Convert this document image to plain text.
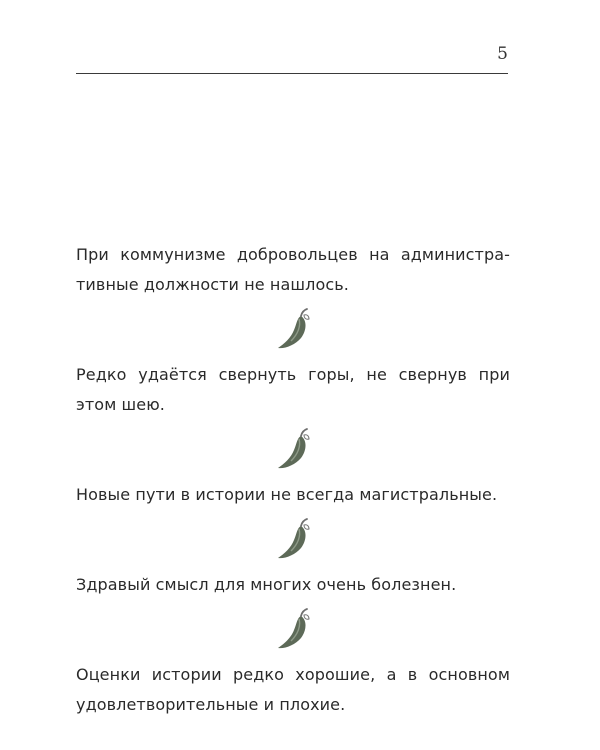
5

При коммунизме добровольцев на администра-

тивные должности не нашлось.

Редко удаётся свернуть горы, не свернув при

этом шею.

Новые пути в истории не всегда магистральные.

Здравый смысл для многих очень болезнен.

Оценки истории редко хорошие, а в основном

удовлетворительные и плохие.
